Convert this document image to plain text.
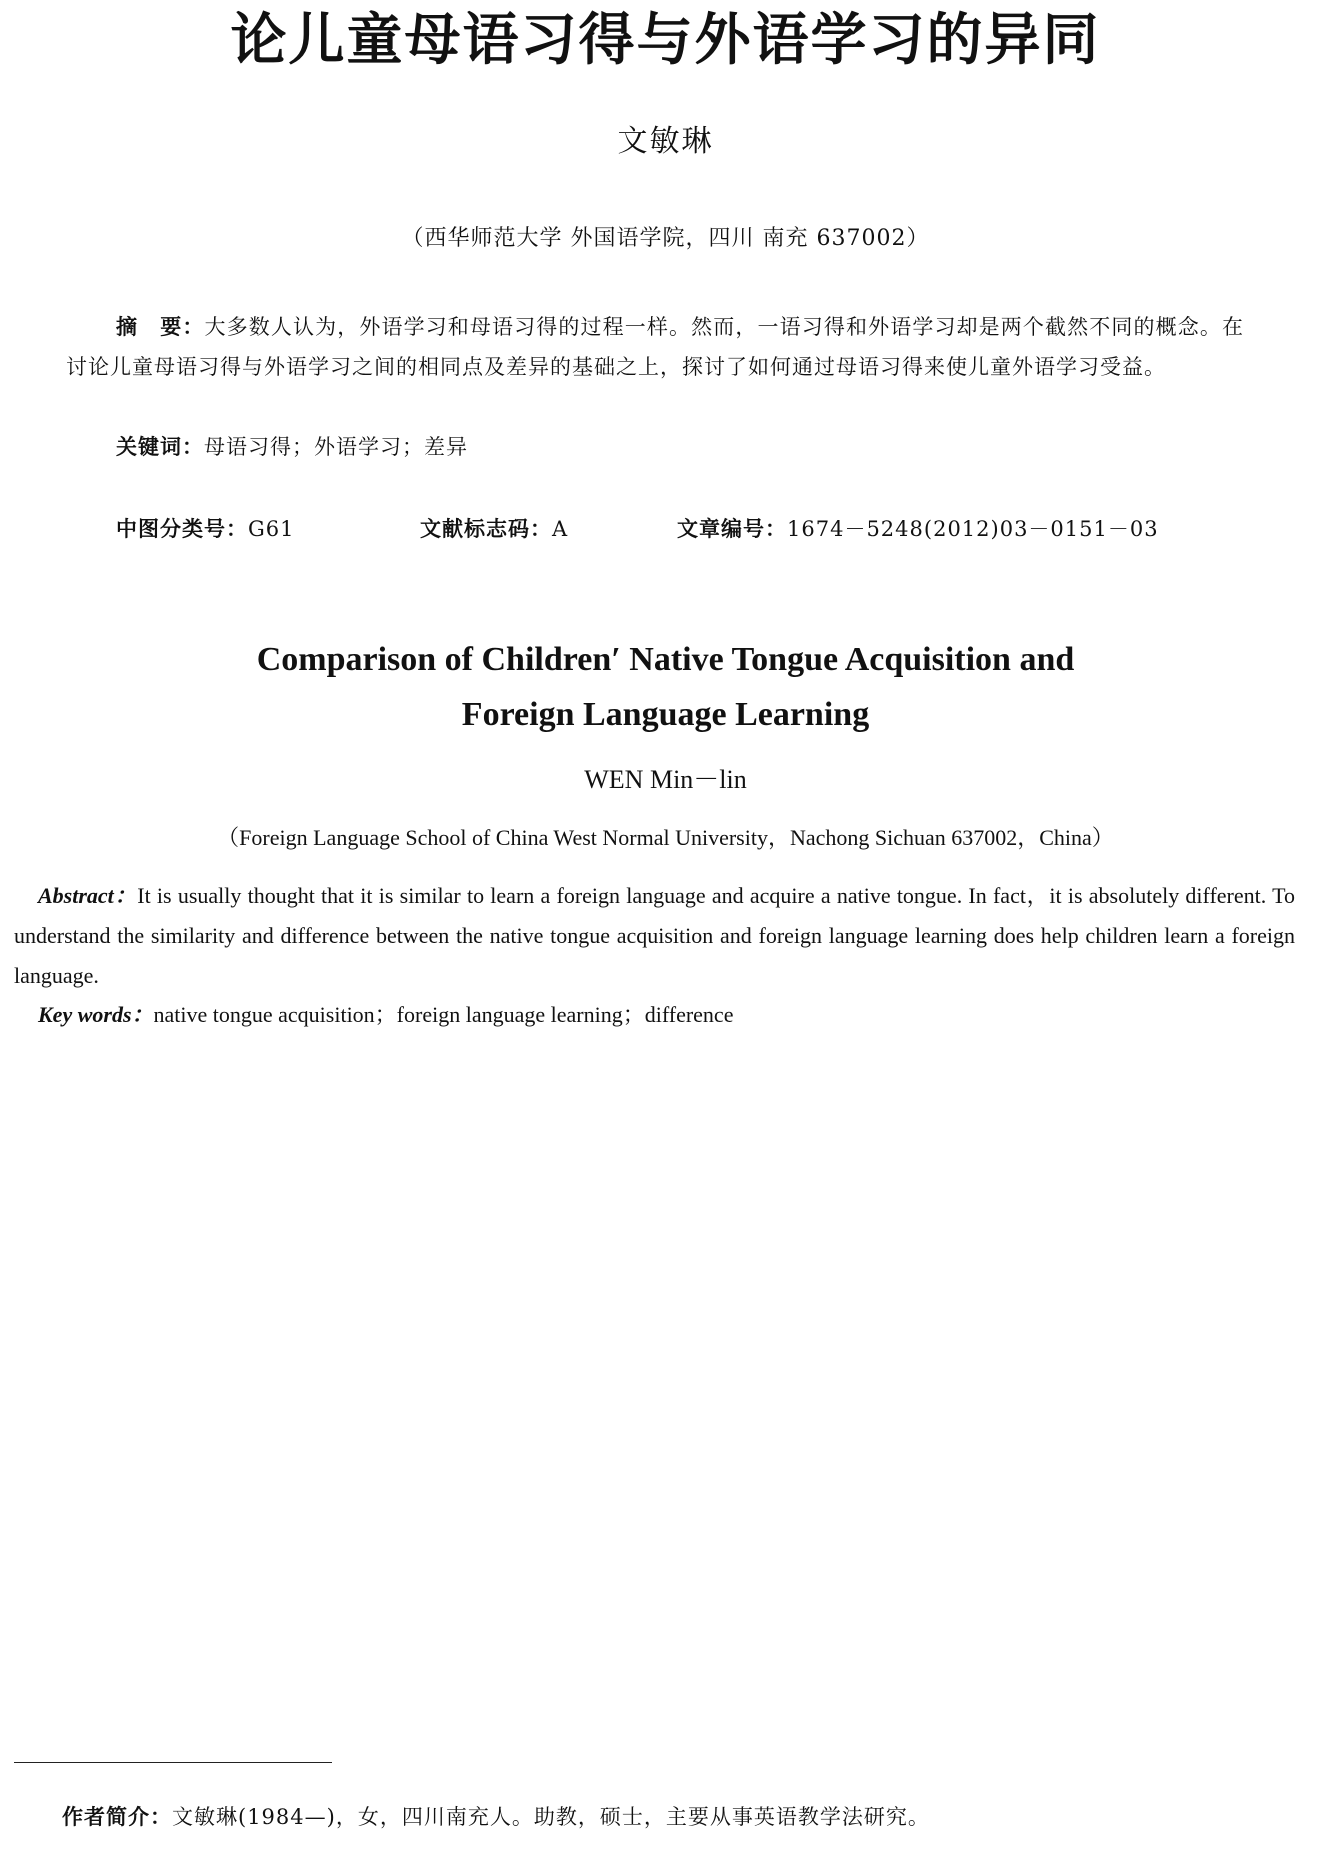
论儿童母语习得与外语学习的异同
文敏琳
（西华师范大学 外国语学院，四川 南充 637002）
摘　要：大多数人认为，外语学习和母语习得的过程一样。然而，一语习得和外语学习却是两个截然不同的概念。在讨论儿童母语习得与外语学习之间的相同点及差异的基础之上，探讨了如何通过母语习得来使儿童外语学习受益。
关键词：母语习得；外语学习；差异
中图分类号：G61	文献标志码：A	文章编号：1674－5248(2012)03－0151－03
Comparison of Children′ Native Tongue Acquisition and
Foreign Language Learning
WEN Min－lin
（Foreign Language School of China West Normal University，Nachong Sichuan 637002，China）
Abstract：It is usually thought that it is similar to learn a foreign language and acquire a native tongue. In fact，it is absolutely different. To understand the similarity and difference between the native tongue acquisition and foreign language learning does help children learn a foreign language.
Key words：native tongue acquisition；foreign language learning；difference
作者简介：文敏琳(1984—)，女，四川南充人。助教，硕士，主要从事英语教学法研究。
